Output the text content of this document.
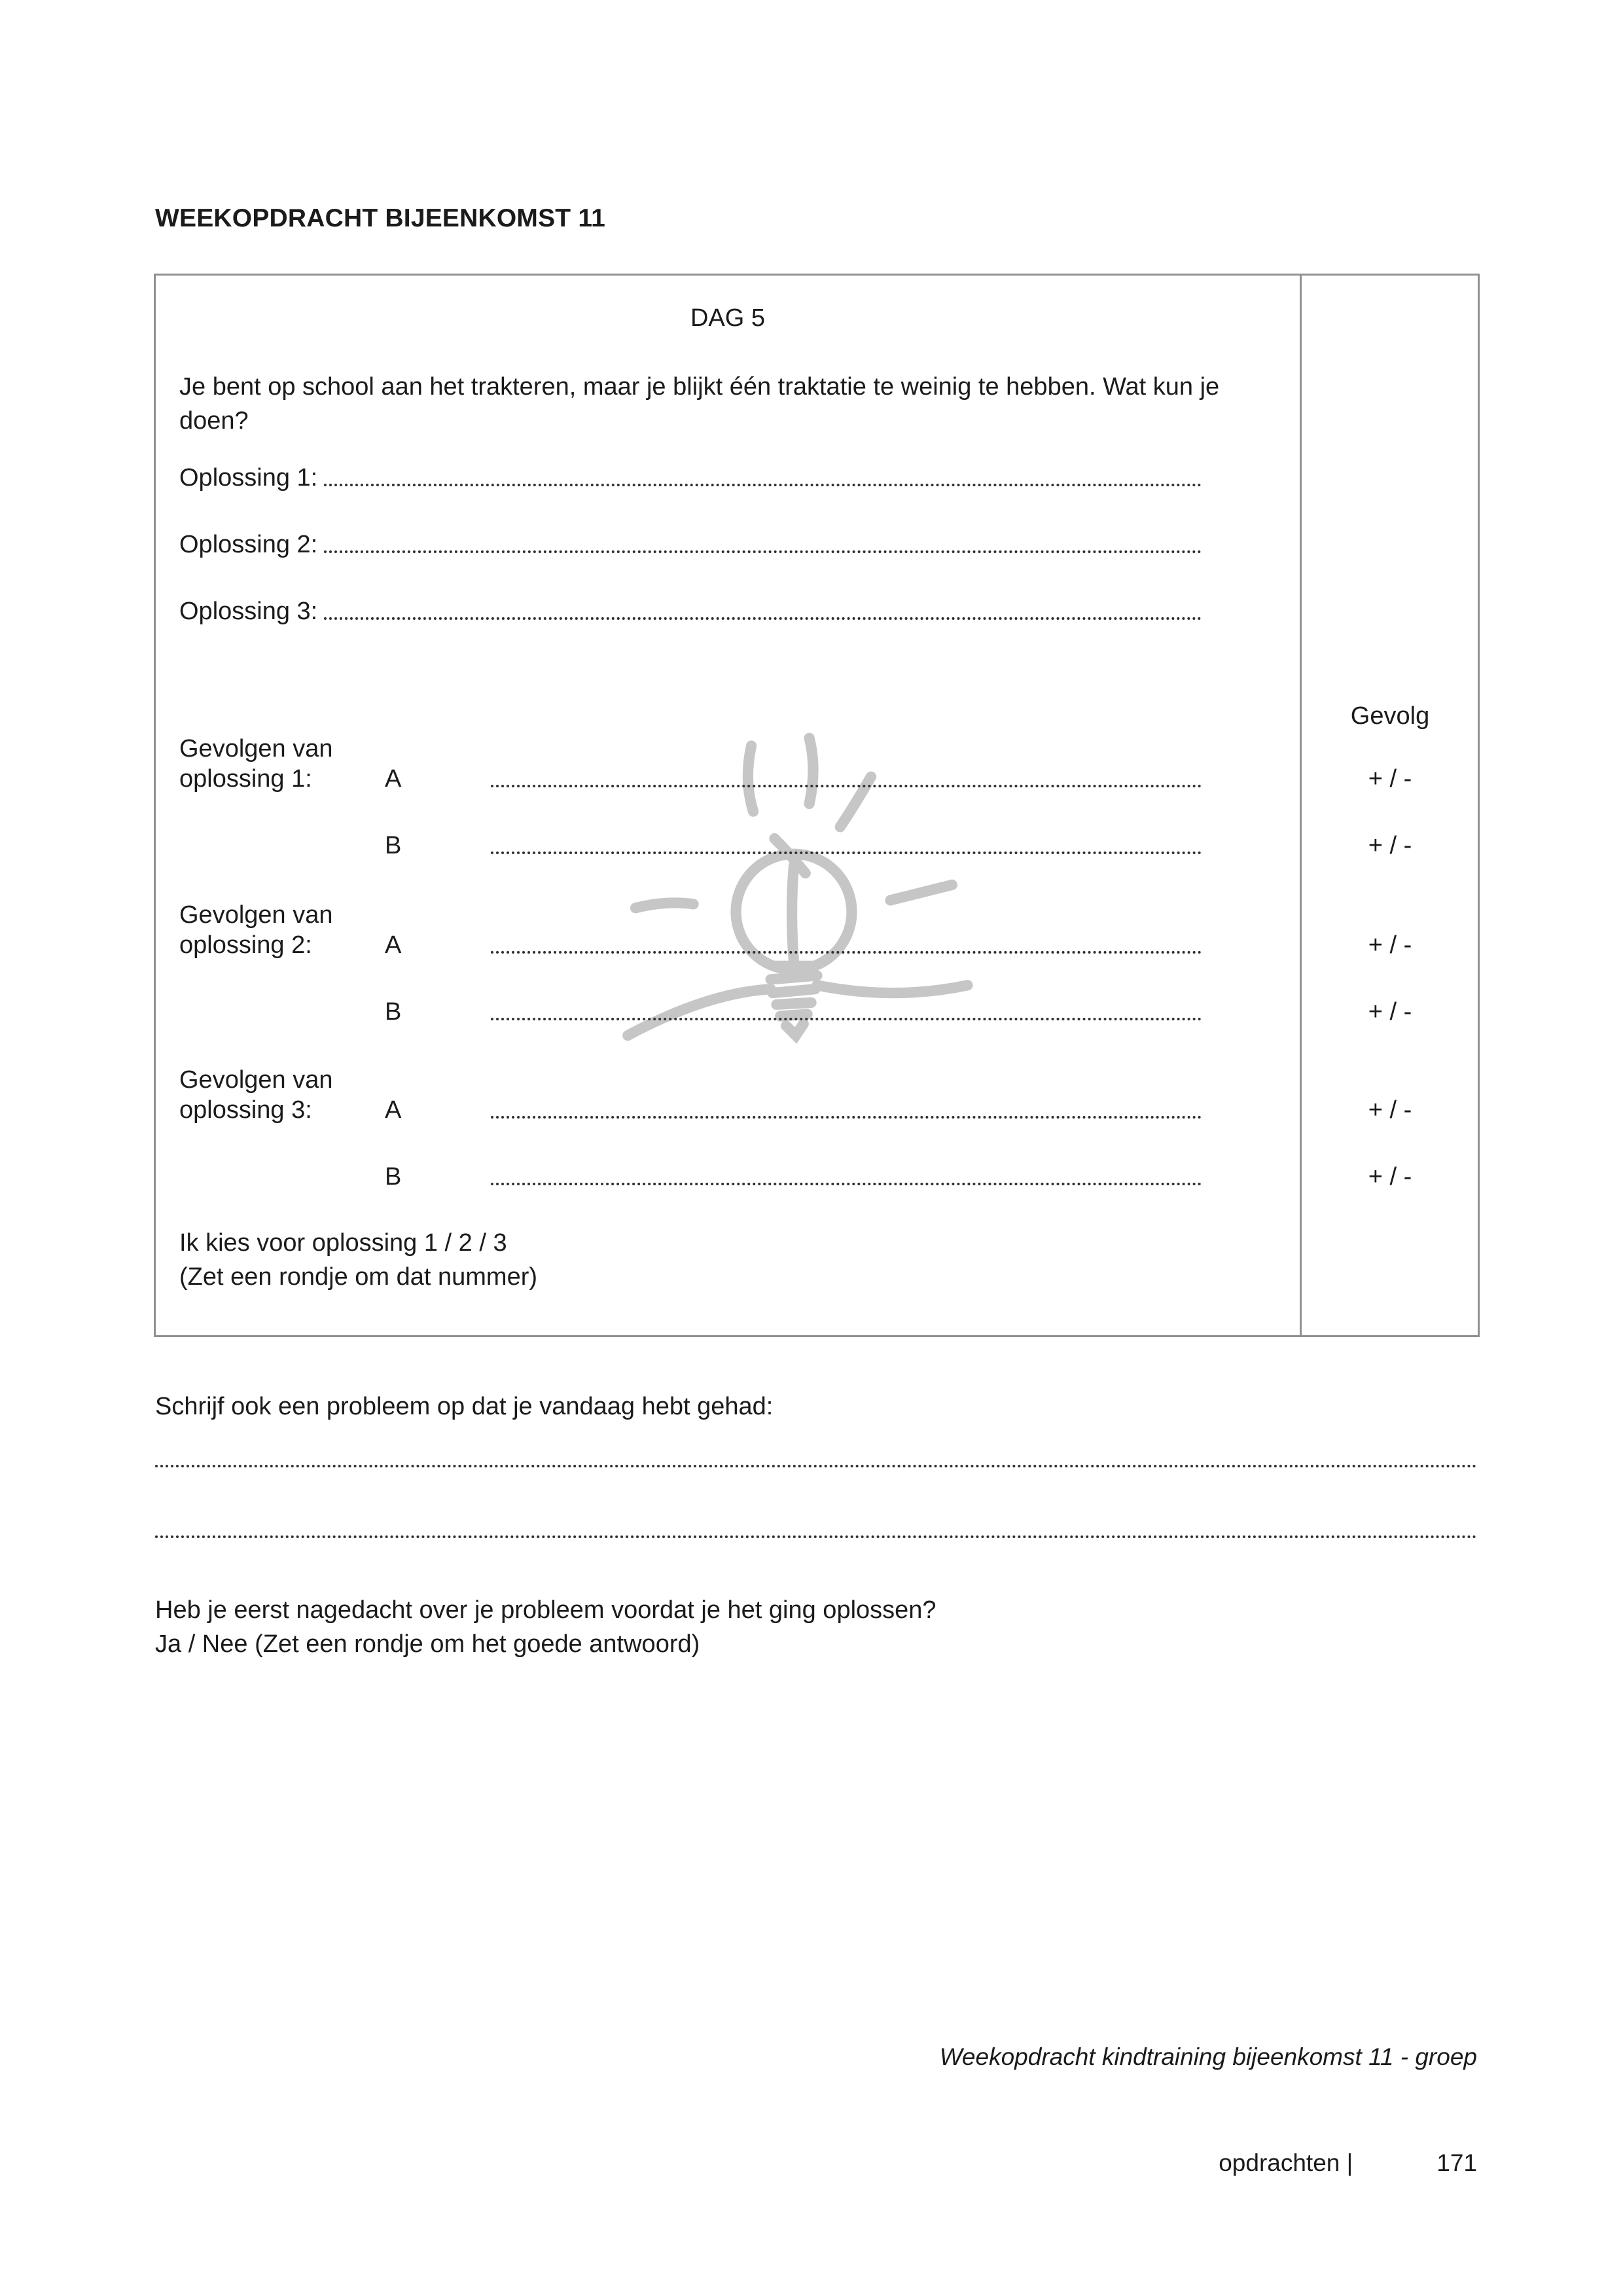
WEEKOPDRACHT BIJEENKOMST 11
DAG 5
Je bent op school aan het trakteren, maar je blijkt één traktatie te weinig te hebben. Wat kun je doen?
Oplossing 1:
Oplossing 2:
Oplossing 3:
Gevolg
Gevolgen van
oplossing 1:	A	+ / -
B	+ / -
Gevolgen van
oplossing 2:	A	+ / -
B	+ / -
Gevolgen van
oplossing 3:	A	+ / -
B	+ / -
Ik kies voor oplossing 1 / 2 / 3
(Zet een rondje om dat nummer)
Schrijf ook een probleem op dat je vandaag hebt gehad:
Heb je eerst nagedacht over je probleem voordat je het ging oplossen?
Ja / Nee (Zet een rondje om het goede antwoord)
Weekopdracht kindtraining bijeenkomst 11 - groep
opdrachten |	171
